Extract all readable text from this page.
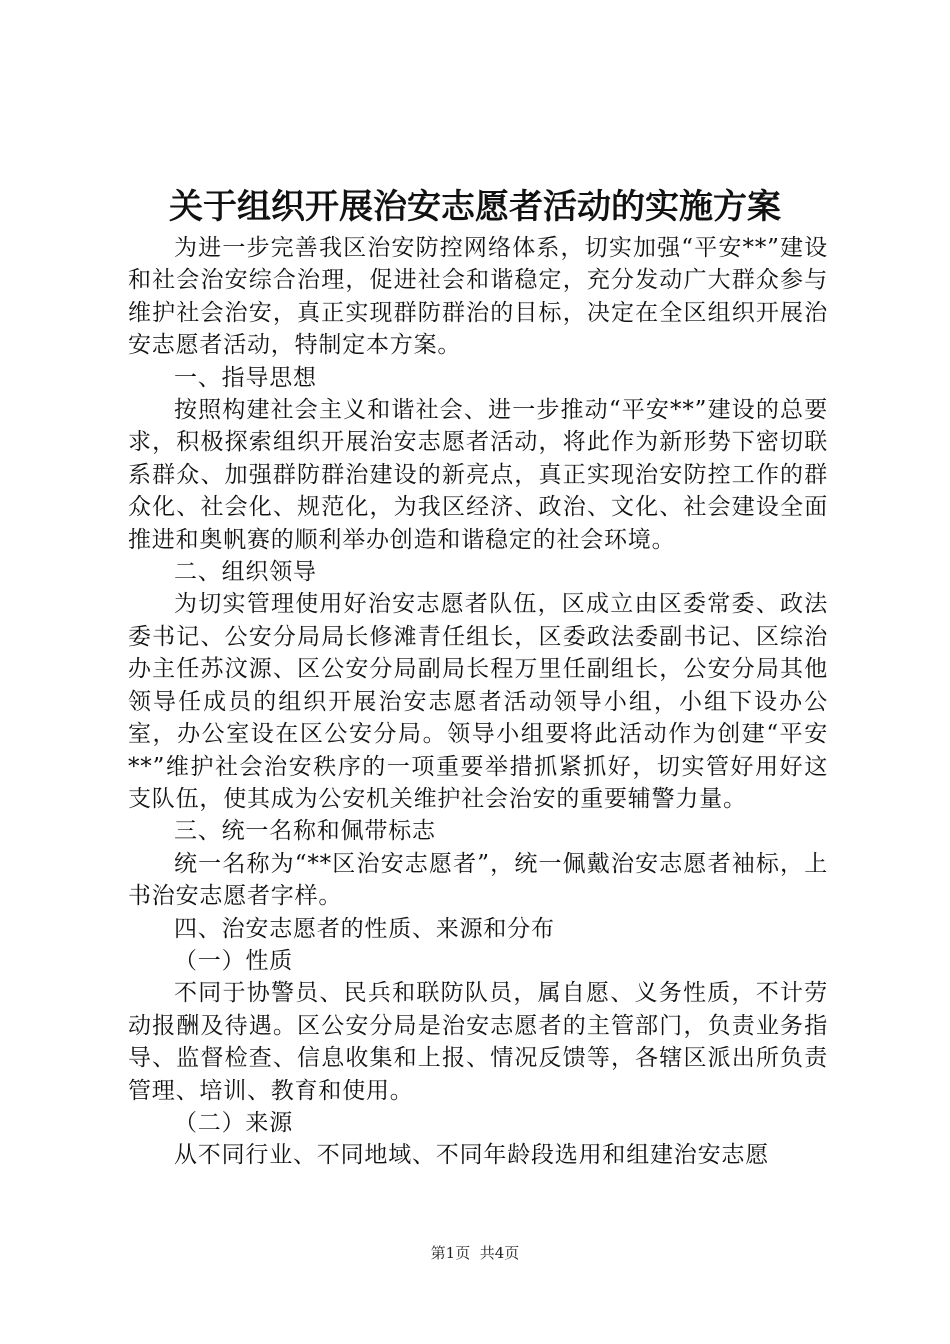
关于组织开展治安志愿者活动的实施方案

为进一步完善我区治安防控网络体系，切实加强“平安**”建设和社会治安综合治理，促进社会和谐稳定，充分发动广大群众参与维护社会治安，真正实现群防群治的目标，决定在全区组织开展治安志愿者活动，特制定本方案。

一、指导思想

按照构建社会主义和谐社会、进一步推动“平安**”建设的总要求，积极探索组织开展治安志愿者活动，将此作为新形势下密切联系群众、加强群防群治建设的新亮点，真正实现治安防控工作的群众化、社会化、规范化，为我区经济、政治、文化、社会建设全面推进和奥帆赛的顺利举办创造和谐稳定的社会环境。

二、组织领导

为切实管理使用好治安志愿者队伍，区成立由区委常委、政法委书记、公安分局局长修滩青任组长，区委政法委副书记、区综治办主任苏汶源、区公安分局副局长程万里任副组长，公安分局其他领导任成员的组织开展治安志愿者活动领导小组，小组下设办公室，办公室设在区公安分局。领导小组要将此活动作为创建“平安**”维护社会治安秩序的一项重要举措抓紧抓好，切实管好用好这支队伍，使其成为公安机关维护社会治安的重要辅警力量。

三、统一名称和佩带标志

统一名称为“**区治安志愿者”，统一佩戴治安志愿者袖标，上书治安志愿者字样。

四、治安志愿者的性质、来源和分布

（一）性质

不同于协警员、民兵和联防队员，属自愿、义务性质，不计劳动报酬及待遇。区公安分局是治安志愿者的主管部门，负责业务指导、监督检查、信息收集和上报、情况反馈等，各辖区派出所负责管理、培训、教育和使用。

（二）来源

从不同行业、不同地域、不同年龄段选用和组建治安志愿

第1页 共4页
